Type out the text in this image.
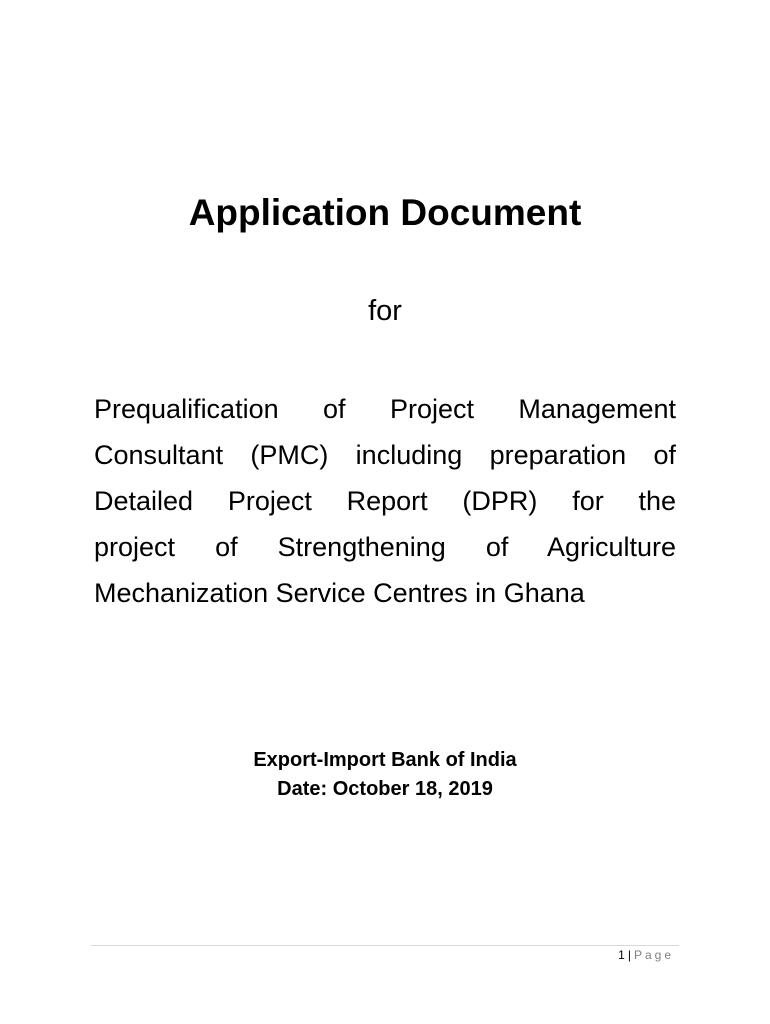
Application Document

for

Prequalification of Project Management
Consultant (PMC) including preparation of
Detailed Project Report (DPR) for the
project of Strengthening of Agriculture
Mechanization Service Centres in Ghana

Export-Import Bank of India
Date: October 18, 2019
1 | Page
